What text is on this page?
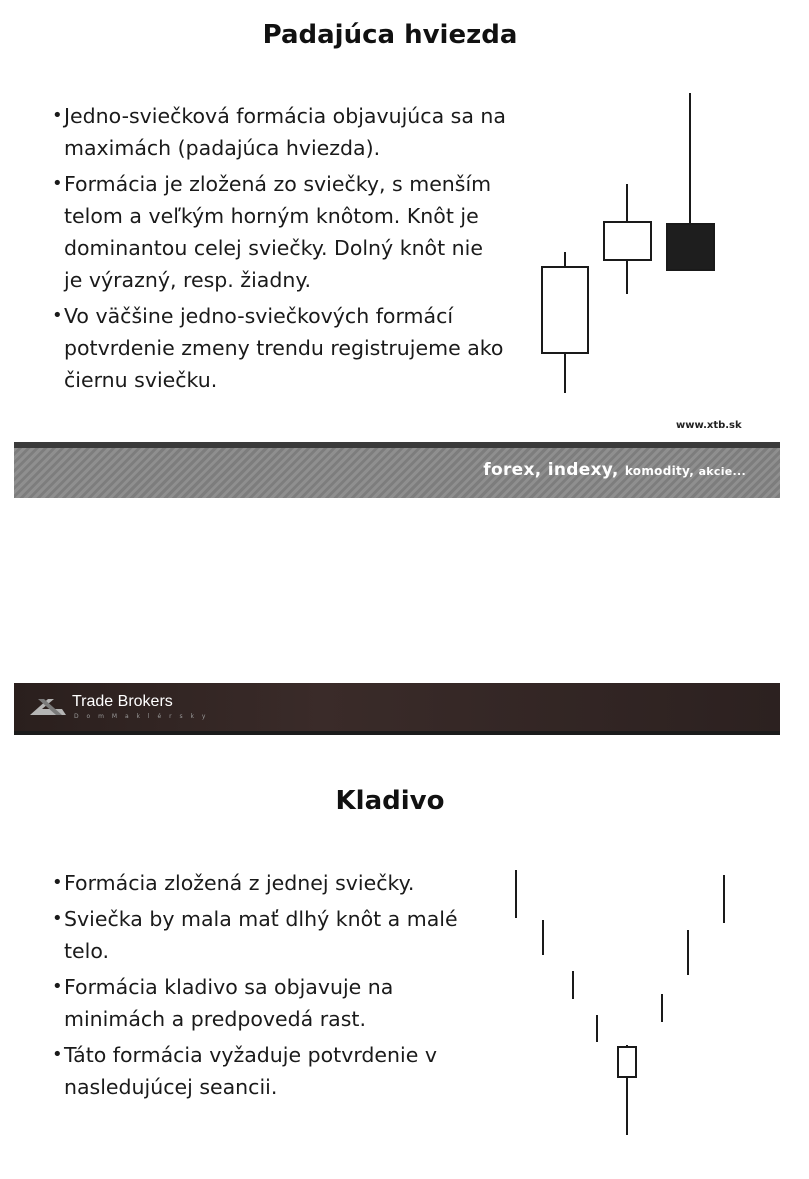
Padajúca hviezda
• Jedno-sviečková formácia objavujúca sa na maximách (padajúca hviezda).
• Formácia je zložená zo sviečky, s menším telom a veľkým horným knôtom. Knôt je dominantou celej sviečky. Dolný knôt nie je výrazný, resp. žiadny.
• Vo väčšine jedno-sviečkových formácí potvrdenie zmeny trendu registrujeme ako čiernu sviečku.
www.xtb.sk
forex, indexy, komodity, akcie...
Trade Brokers
D o m M a k l é r s k y
Kladivo
• Formácia zložená z jednej sviečky.
• Sviečka by mala mať dlhý knôt a malé telo.
• Formácia kladivo sa objavuje na minimách a predpovedá rast.
• Táto formácia vyžaduje potvrdenie v nasledujúcej seancii.
